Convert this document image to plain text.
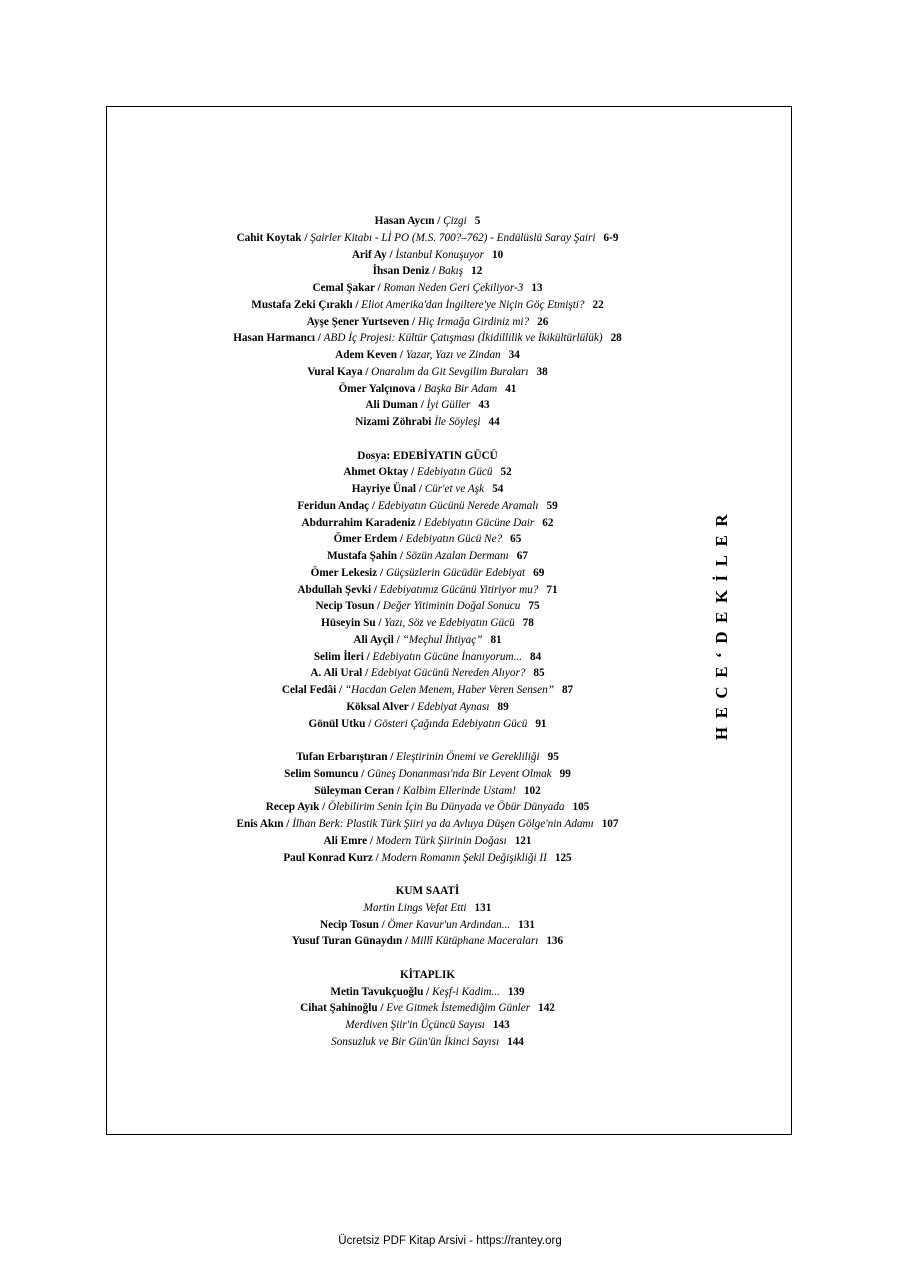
Hasan Aycın / Çizgi 5
Cahit Koytak / Şairler Kitabı - Lİ PO (M.S. 700?–762) - Endülüslü Saray Şairi 6-9
Arif Ay / İstanbul Konuşuyor 10
İhsan Deniz / Bakış 12
Cemal Şakar / Roman Neden Geri Çekiliyor-3 13
Mustafa Zeki Çıraklı / Eliot Amerika'dan İngiltere'ye Niçin Göç Etmişti? 22
Ayşe Şener Yurtseven / Hiç Irmağa Girdiniz mi? 26
Hasan Harmancı / ABD İç Projesi: Kültür Çatışması (İkidillilik ve İkikültürlülük) 28
Adem Keven / Yazar, Yazı ve Zindan 34
Vural Kaya / Onaralım da Git Sevgilim Buraları 38
Ömer Yalçınova / Başka Bir Adam 41
Ali Duman / İyi Güller 43
Nizami Zöhrabi İle Söyleşi 44
Dosya: EDEBİYATIN GÜCÜ
Ahmet Oktay / Edebiyatın Gücü 52
Hayriye Ünal / Cür'et ve Aşk 54
Feridun Andaç / Edebiyatın Gücünü Nerede Aramalı 59
Abdurrahim Karadeniz / Edebiyatın Gücüne Dair 62
Ömer Erdem / Edebiyatın Gücü Ne? 65
Mustafa Şahin / Sözün Azalan Dermanı 67
Ömer Lekesiz / Güçsüzlerin Gücüdür Edebiyat 69
Abdullah Şevki / Edebiyatımız Gücünü Yitiriyor mu? 71
Necip Tosun / Değer Yitiminin Doğal Sonucu 75
Hüseyin Su / Yazı, Söz ve Edebiyatın Gücü 78
Ali Ayçil / “Meçhul İhtiyaç” 81
Selim İleri / Edebiyatın Gücüne İnanıyorum... 84
A. Ali Ural / Edebiyat Gücünü Nereden Alıyor? 85
Celal Fedâi / “Hacdan Gelen Menem, Haber Veren Sensen” 87
Köksal Alver / Edebiyat Aynası 89
Gönül Utku / Gösteri Çağında Edebiyatın Gücü 91
Tufan Erbarıştıran / Eleştirinin Önemi ve Gerekliliği 95
Selim Somuncu / Güneş Donanması'nda Bir Levent Olmak 99
Süleyman Ceran / Kalbim Ellerinde Ustam! 102
Recep Ayık / Ölebilirim Senin İçin Bu Dünyada ve Öbür Dünyada 105
Enis Akın / İlhan Berk: Plastik Türk Şiiri ya da Avluya Düşen Gölge'nin Adamı 107
Ali Emre / Modern Türk Şiirinin Doğası 121
Paul Konrad Kurz / Modern Romanın Şekil Değişikliği II 125
KUM SAATİ
Martin Lings Vefat Etti 131
Necip Tosun / Ömer Kavur'un Ardından... 131
Yusuf Turan Günaydın / Millî Kütüphane Maceraları 136
KİTAPLIK
Metin Tavukçuoğlu / Keşf-i Kadim... 139
Cihat Şahinoğlu / Eve Gitmek İstemediğim Günler 142
Merdiven Şiir'in Üçüncü Sayısı 143
Sonsuzluk ve Bir Gün'ün İkinci Sayısı 144
HECE‘DEKİLER
Ücretsiz PDF Kitap Arsivi - https://rantey.org
